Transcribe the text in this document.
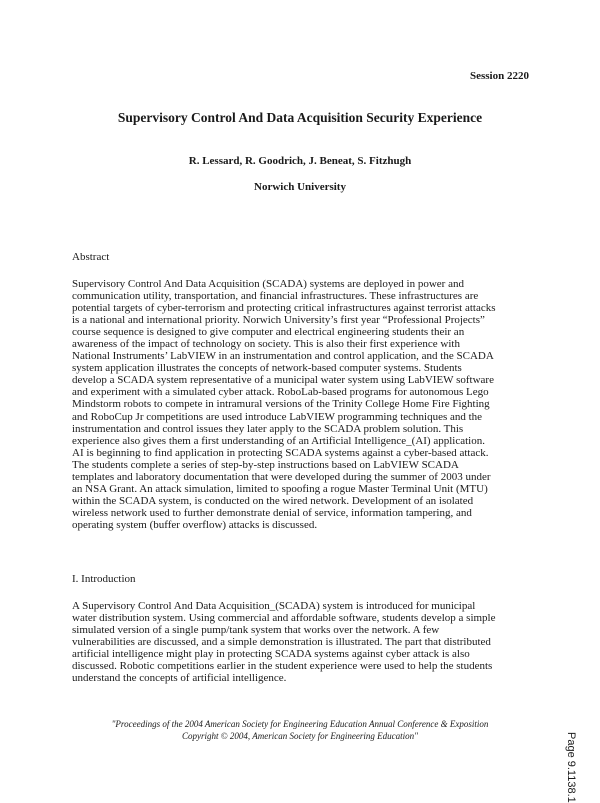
Session 2220
Supervisory Control And Data Acquisition Security Experience
R. Lessard, R. Goodrich, J. Beneat, S. Fitzhugh
Norwich University
Abstract
Supervisory Control And Data Acquisition (SCADA) systems are deployed in power and
communication utility, transportation, and financial infrastructures. These infrastructures are
potential targets of cyber-terrorism and protecting critical infrastructures against terrorist attacks
is a national and international priority. Norwich University’s first year “Professional Projects”
course sequence is designed to give computer and electrical engineering students their an
awareness of the impact of technology on society. This is also their first experience with
National Instruments’ LabVIEW in an instrumentation and control application, and the SCADA
system application illustrates the concepts of network-based computer systems. Students
develop a SCADA system representative of a municipal water system using LabVIEW software
and experiment with a simulated cyber attack. RoboLab-based programs for autonomous Lego
Mindstorm robots to compete in intramural versions of the Trinity College Home Fire Fighting
and RoboCup Jr competitions are used introduce LabVIEW programming techniques and the
instrumentation and control issues they later apply to the SCADA problem solution. This
experience also gives them a first understanding of an Artificial Intelligence_(AI) application.
AI is beginning to find application in protecting SCADA systems against a cyber-based attack.
The students complete a series of step-by-step instructions based on LabVIEW SCADA
templates and laboratory documentation that were developed during the summer of 2003 under
an NSA Grant. An attack simulation, limited to spoofing a rogue Master Terminal Unit (MTU)
within the SCADA system, is conducted on the wired network. Development of an isolated
wireless network used to further demonstrate denial of service, information tampering, and
operating system (buffer overflow) attacks is discussed.
I. Introduction
A Supervisory Control And Data Acquisition_(SCADA) system is introduced for municipal
water distribution system. Using commercial and affordable software, students develop a simple
simulated version of a single pump/tank system that works over the network. A few
vulnerabilities are discussed, and a simple demonstration is illustrated. The part that distributed
artificial intelligence might play in protecting SCADA systems against cyber attack is also
discussed. Robotic competitions earlier in the student experience were used to help the students
understand the concepts of artificial intelligence.
"Proceedings of the 2004 American Society for Engineering Education Annual Conference & Exposition
Copyright © 2004, American Society for Engineering Education"	Page 9.1138.1
